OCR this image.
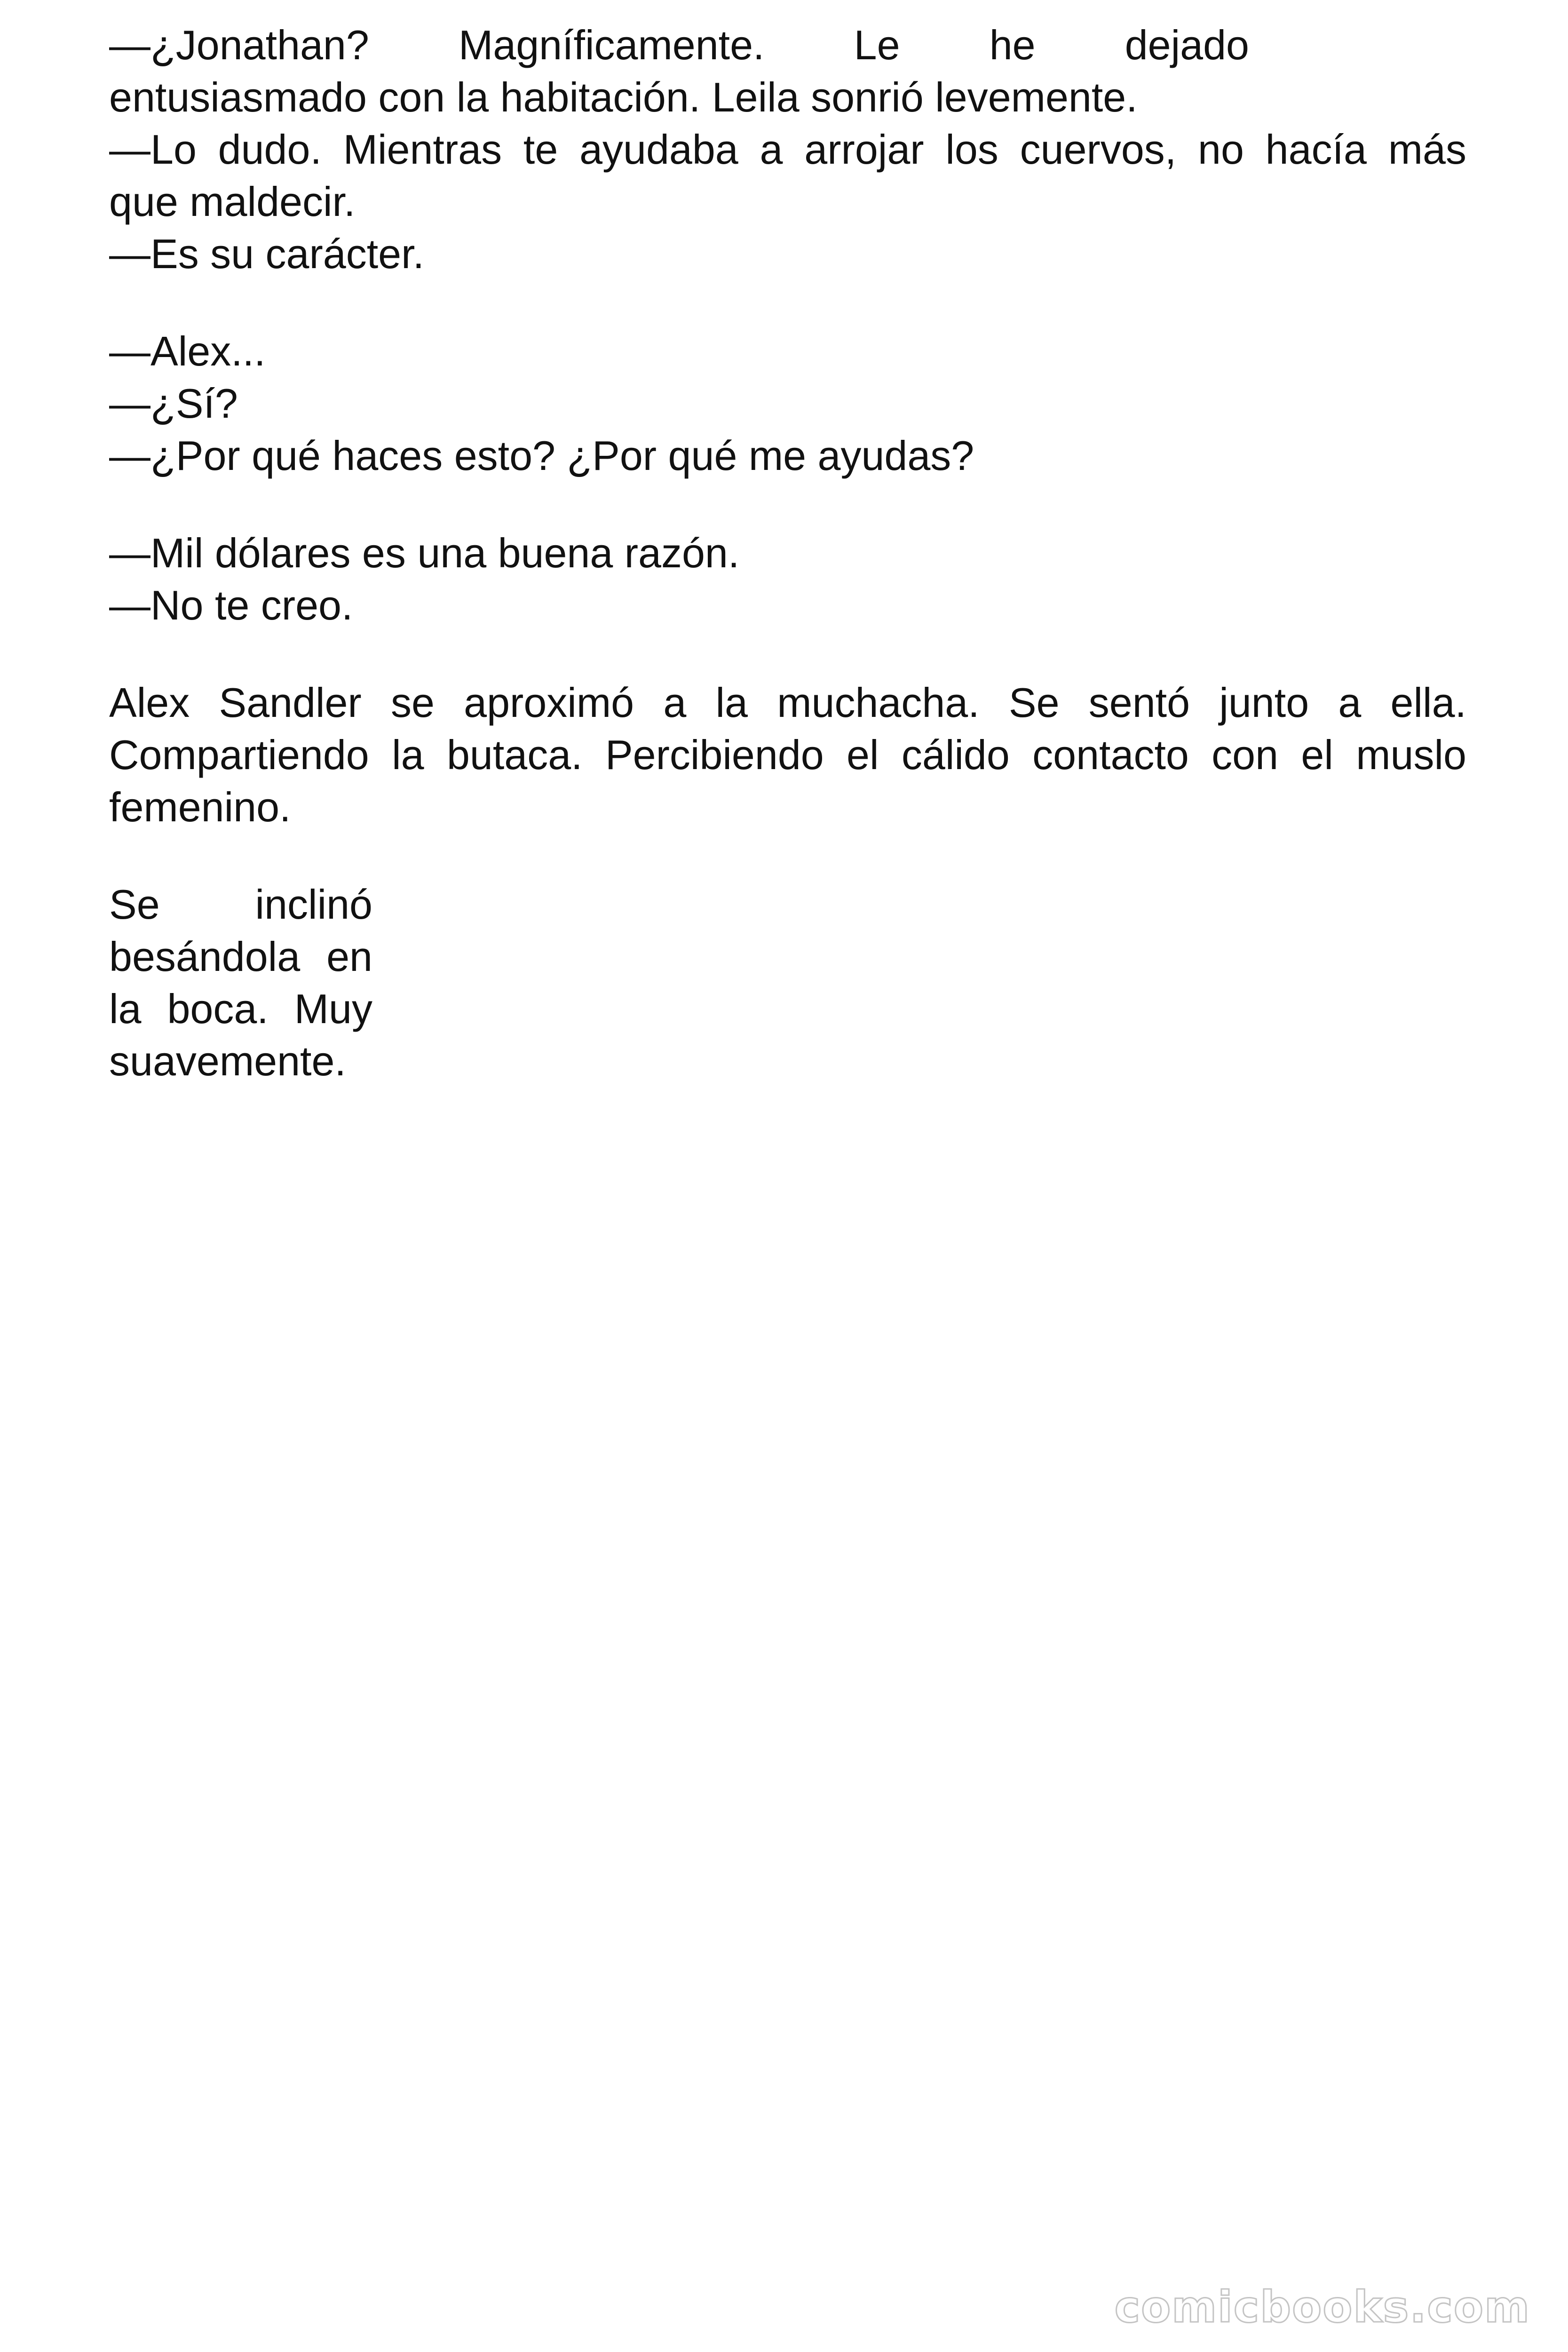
—¿Jonathan? Magníficamente. Le he dejado
entusiasmado con la habitación. Leila sonrió levemente.
—Lo dudo. Mientras te ayudaba a arrojar los cuervos, no hacía más
que maldecir.
—Es su carácter.
—Alex...
—¿Sí?
—¿Por qué haces esto? ¿Por qué me ayudas?
—Mil dólares es una buena razón.
—No te creo.
Alex Sandler se aproximó a la muchacha. Se sentó junto a ella.
Compartiendo la butaca. Percibiendo el cálido contacto con el muslo
femenino.
Se inclinó
besándola en
la boca. Muy
suavemente.
comicbooks.com
